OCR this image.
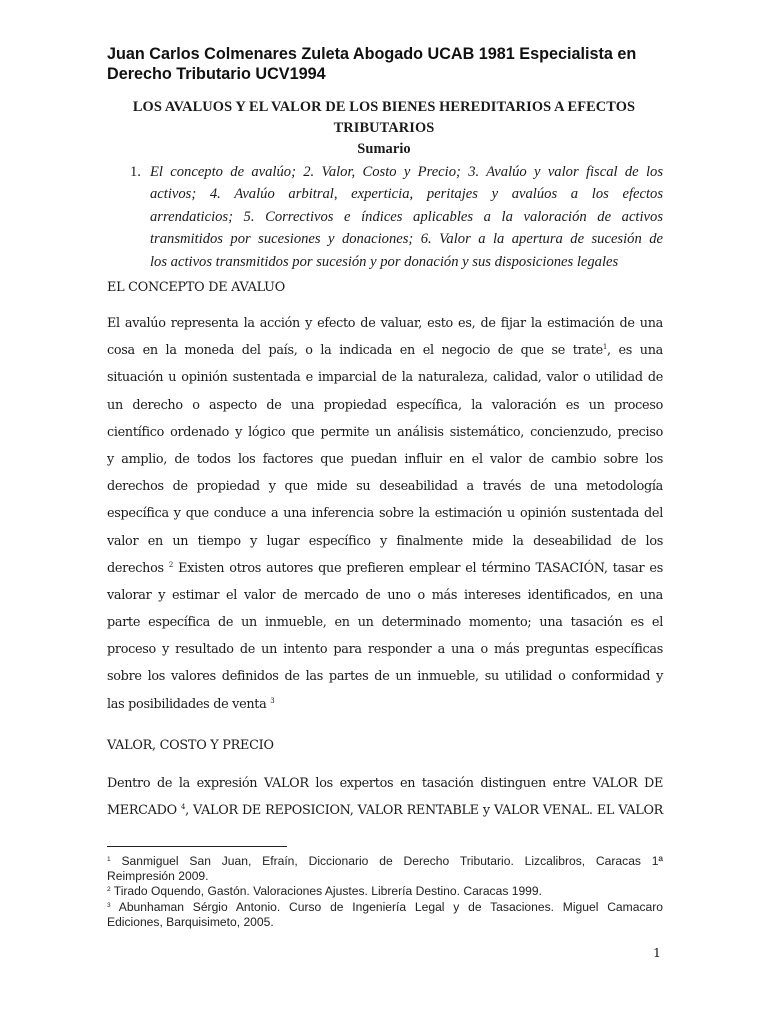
Juan Carlos Colmenares Zuleta Abogado UCAB 1981 Especialista en
Derecho Tributario UCV1994
LOS AVALUOS Y EL VALOR DE LOS BIENES HEREDITARIOS A EFECTOS
TRIBUTARIOS
Sumario
1. El concepto de avalúo; 2. Valor, Costo y Precio; 3. Avalúo y valor fiscal de los
activos; 4. Avalúo arbitral, experticia, peritajes y avalúos a los efectos
arrendaticios; 5. Correctivos e índices aplicables a la valoración de activos
transmitidos por sucesiones y donaciones; 6. Valor a la apertura de sucesión de
los activos transmitidos por sucesión y por donación y sus disposiciones legales
EL CONCEPTO DE AVALUO
El avalúo representa la acción y efecto de valuar, esto es, de fijar la estimación de una
cosa en la moneda del país, o la indicada en el negocio de que se trate$^1$, es una
situación u opinión sustentada e imparcial de la naturaleza, calidad, valor o utilidad de
un derecho o aspecto de una propiedad específica, la valoración es un proceso
científico ordenado y lógico que permite un análisis sistemático, concienzudo, preciso
y amplio, de todos los factores que puedan influir en el valor de cambio sobre los
derechos de propiedad y que mide su deseabilidad a través de una metodología
específica y que conduce a una inferencia sobre la estimación u opinión sustentada del
valor en un tiempo y lugar específico y finalmente mide la deseabilidad de los
derechos $^2$ Existen otros autores que prefieren emplear el término TASACIÓN, tasar es
valorar y estimar el valor de mercado de uno o más intereses identificados, en una
parte específica de un inmueble, en un determinado momento; una tasación es el
proceso y resultado de un intento para responder a una o más preguntas específicas
sobre los valores definidos de las partes de un inmueble, su utilidad o conformidad y
las posibilidades de venta $^3$
VALOR, COSTO Y PRECIO
Dentro de la expresión VALOR los expertos en tasación distinguen entre VALOR DE
MERCADO $^4$, VALOR DE REPOSICION, VALOR RENTABLE y VALOR VENAL. EL VALOR
$^1$ Sanmiguel San Juan, Efraín, Diccionario de Derecho Tributario. Lizcalibros, Caracas 1ª
Reimpresión 2009.
$^2$ Tirado Oquendo, Gastón. Valoraciones Ajustes. Librería Destino. Caracas 1999.
$^3$ Abunhaman Sérgio Antonio. Curso de Ingeniería Legal y de Tasaciones. Miguel Camacaro
Ediciones, Barquisimeto, 2005.
1
